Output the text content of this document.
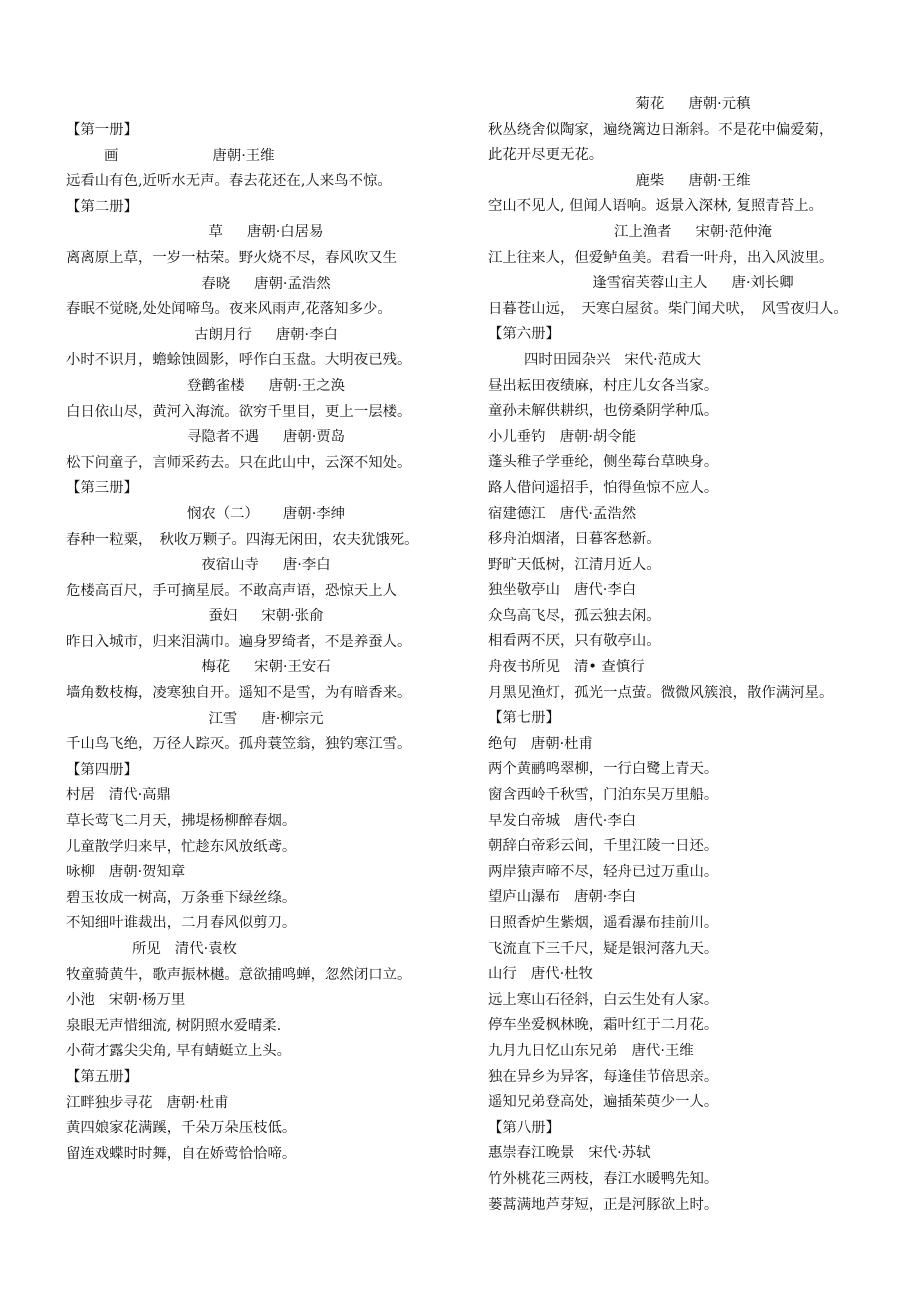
【第一册】
画	唐朝·王维
远看山有色,近听水无声。春去花还在,人来鸟不惊。
【第二册】
草 唐朝·白居易
离离原上草，一岁一枯荣。野火烧不尽，春风吹又生
春晓 唐朝·孟浩然
春眠不觉晓,处处闻啼鸟。夜来风雨声,花落知多少。
古朗月行 唐朝·李白
小时不识月，蟾蜍蚀圆影，呼作白玉盘。大明夜已残。
登鹳雀楼 唐朝·王之涣
白日依山尽，黄河入海流。欲穷千里目，更上一层楼。
寻隐者不遇 唐朝·贾岛
松下问童子，言师采药去。只在此山中，云深不知处。
【第三册】
悯农（二） 唐朝·李绅
春种一粒粟，　秋收万颗子。四海无闲田，农夫犹饿死。
夜宿山寺 唐·李白
危楼高百尺，手可摘星辰。不敢高声语，恐惊天上人
蚕妇 宋朝·张俞
昨日入城市，归来泪满巾。遍身罗绮者，不是养蚕人。
梅花 宋朝·王安石
墙角数枝梅，凌寒独自开。遥知不是雪，为有暗香来。
江雪 唐·柳宗元
千山鸟飞绝，万径人踪灭。孤舟蓑笠翁，独钓寒江雪。
【第四册】
村居 清代·高鼎
草长莺飞二月天，拂堤杨柳醉春烟。
儿童散学归来早，忙趁东风放纸鸢。
咏柳 唐朝·贺知章
碧玉妆成一树高，万条垂下绿丝绦。
不知细叶谁裁出，二月春风似剪刀。
所见 清代·袁枚
牧童骑黄牛，歌声振林樾。意欲捕鸣蝉，忽然闭口立。
小池 宋朝·杨万里
泉眼无声惜细流, 树阴照水爱晴柔.
小荷才露尖尖角, 早有蜻蜓立上头。
【第五册】
江畔独步寻花 唐朝·杜甫
黄四娘家花满蹊，千朵万朵压枝低。
留连戏蝶时时舞，自在娇莺恰恰啼。
菊花 唐朝·元稹
秋丛绕舍似陶家，遍绕篱边日渐斜。不是花中偏爱菊，
此花开尽更无花。
鹿柴 唐朝·王维
空山不见人, 但闻人语响。返景入深林, 复照青苔上。
江上渔者 宋朝·范仲淹
江上往来人，但爱鲈鱼美。君看一叶舟，出入风波里。
逢雪宿芙蓉山主人 唐·刘长卿
日暮苍山远，　天寒白屋贫。柴门闻犬吠，　风雪夜归人。
【第六册】
四时田园杂兴 宋代·范成大
昼出耘田夜绩麻，村庄儿女各当家。
童孙未解供耕织，也傍桑阴学种瓜。
小儿垂钓 唐朝·胡令能
蓬头稚子学垂纶，侧坐莓台草映身。
路人借问遥招手，怕得鱼惊不应人。
宿建德江 唐代·孟浩然
移舟泊烟渚，日暮客愁新。
野旷天低树，江清月近人。
独坐敬亭山 唐代·李白
众鸟高飞尽，孤云独去闲。
相看两不厌，只有敬亭山。
舟夜书所见 清• 查慎行
月黑见渔灯，孤光一点萤。微微风簇浪，散作满河星。
【第七册】
绝句 唐朝·杜甫
两个黄鹂鸣翠柳，一行白鹭上青天。
窗含西岭千秋雪，门泊东吴万里船。
早发白帝城 唐代·李白
朝辞白帝彩云间，千里江陵一日还。
两岸猿声啼不尽，轻舟已过万重山。
望庐山瀑布 唐朝·李白
日照香炉生紫烟，遥看瀑布挂前川。
飞流直下三千尺，疑是银河落九天。
山行 唐代·杜牧
远上寒山石径斜，白云生处有人家。
停车坐爱枫林晚，霜叶红于二月花。
九月九日忆山东兄弟 唐代·王维
独在异乡为异客，每逢佳节倍思亲。
遥知兄弟登高处，遍插茱萸少一人。
【第八册】
惠崇春江晚景 宋代·苏轼
竹外桃花三两枝，春江水暖鸭先知。
蒌蒿满地芦芽短，正是河豚欲上时。
